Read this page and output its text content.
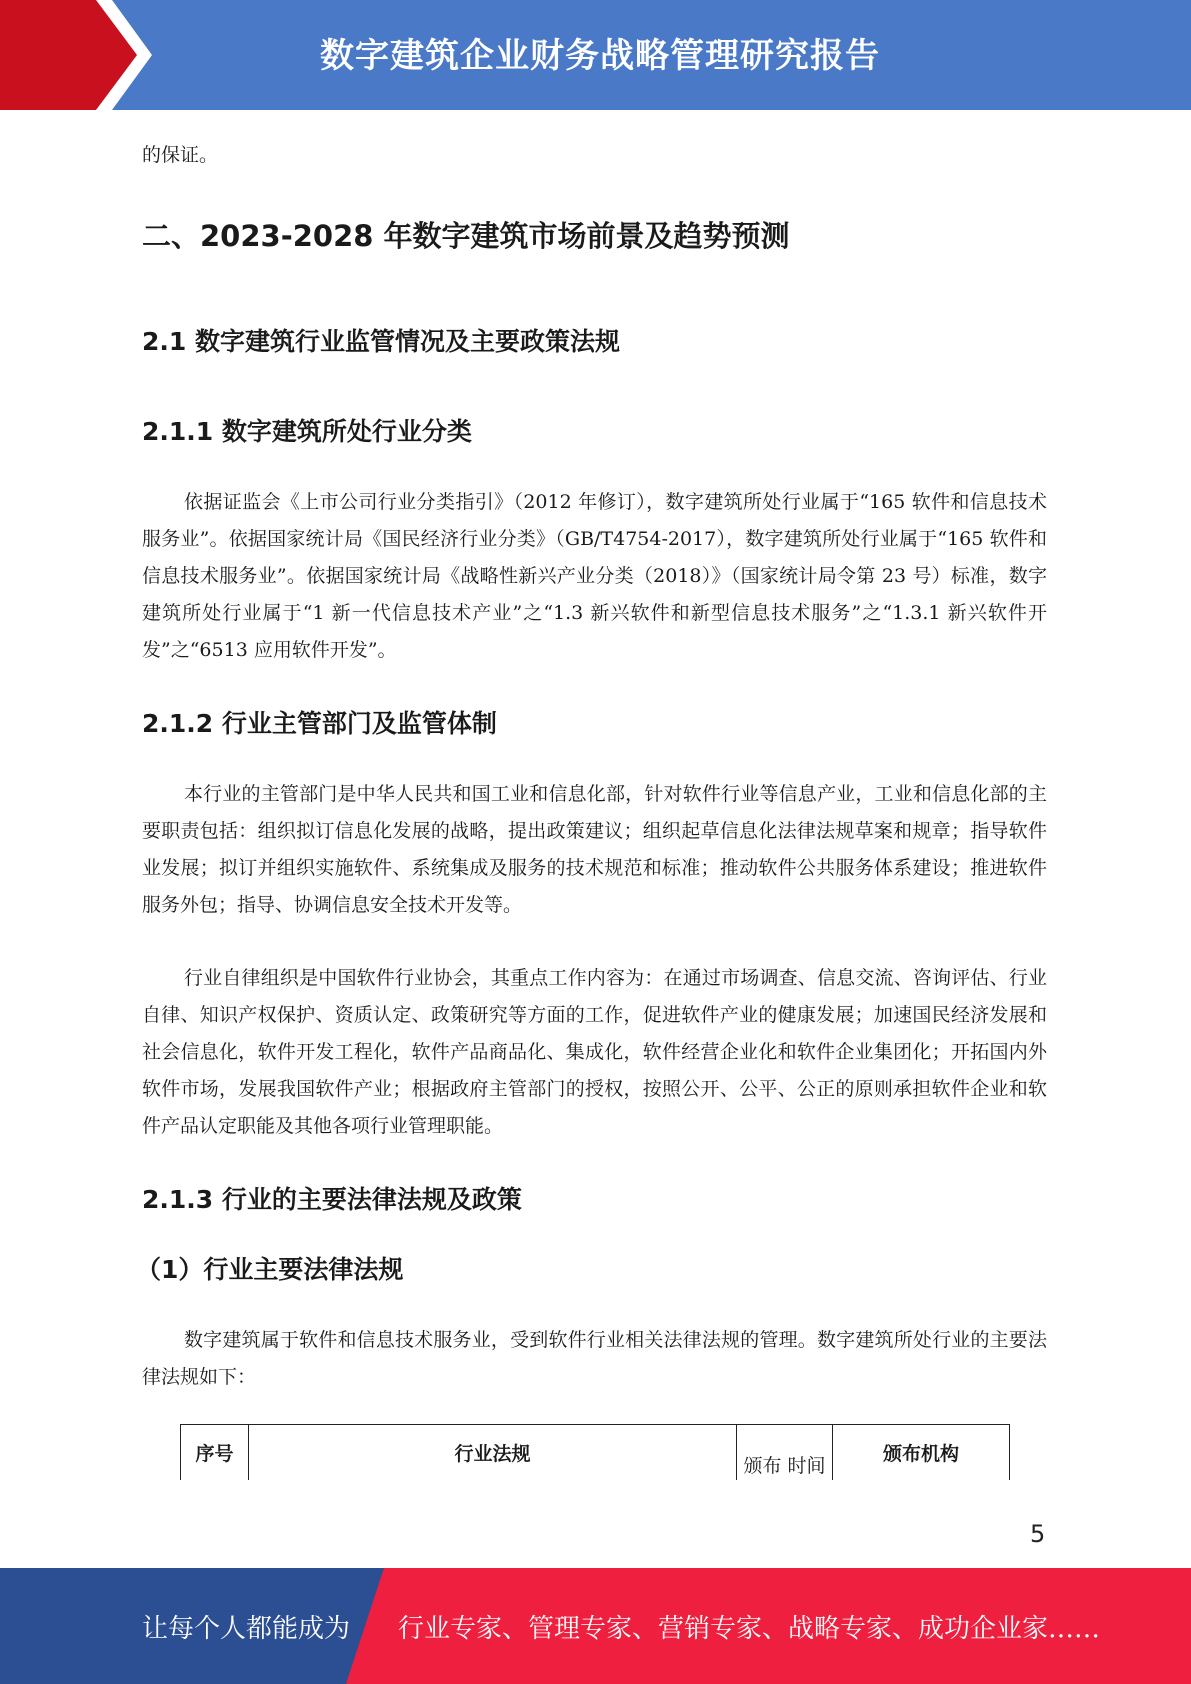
数字建筑企业财务战略管理研究报告

的保证。

二、2023-2028 年数字建筑市场前景及趋势预测
2.1 数字建筑行业监管情况及主要政策法规
2.1.1 数字建筑所处行业分类

依据证监会《上市公司行业分类指引》（2012 年修订），数字建筑所处行业属于“165 软件和信息技术服务业”。依据国家统计局《国民经济行业分类》（GB/T4754-2017），数字建筑所处行业属于“165 软件和信息技术服务业”。依据国家统计局《战略性新兴产业分类（2018）》（国家统计局令第 23 号）标准，数字建筑所处行业属于“1 新一代信息技术产业”之“1.3 新兴软件和新型信息技术服务”之“1.3.1 新兴软件开发”之“6513 应用软件开发”。

2.1.2 行业主管部门及监管体制

本行业的主管部门是中华人民共和国工业和信息化部，针对软件行业等信息产业，工业和信息化部的主要职责包括：组织拟订信息化发展的战略，提出政策建议；组织起草信息化法律法规草案和规章；指导软件业发展；拟订并组织实施软件、系统集成及服务的技术规范和标准；推动软件公共服务体系建设；推进软件服务外包；指导、协调信息安全技术开发等。

行业自律组织是中国软件行业协会，其重点工作内容为：在通过市场调查、信息交流、咨询评估、行业自律、知识产权保护、资质认定、政策研究等方面的工作，促进软件产业的健康发展；加速国民经济发展和社会信息化，软件开发工程化，软件产品商品化、集成化，软件经营企业化和软件企业集团化；开拓国内外软件市场，发展我国软件产业；根据政府主管部门的授权，按照公开、公平、公正的原则承担软件企业和软件产品认定职能及其他各项行业管理职能。

2.1.3 行业的主要法律法规及政策
（1）行业主要法律法规

数字建筑属于软件和信息技术服务业，受到软件行业相关法律法规的管理。数字建筑所处行业的主要法律法规如下：

序号	行业法规
颁布 时间
颁布机构
5
让每个人都能成为 行业专家、管理专家、营销专家、战略专家、成功企业家……
